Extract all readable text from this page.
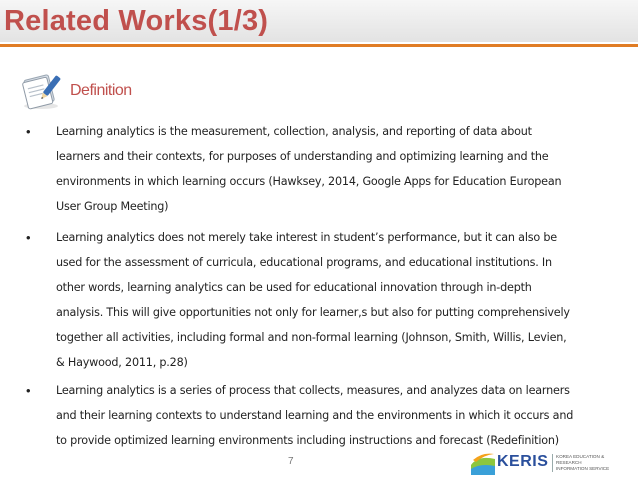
Related Works(1/3)
Definition
• Learning analytics is the measurement, collection, analysis, and reporting of data about
learners and their contexts, for purposes of understanding and optimizing learning and the
environments in which learning occurs (Hawksey, 2014, Google Apps for Education European
User Group Meeting)
• Learning analytics does not merely take interest in student’s performance, but it can also be
used for the assessment of curricula, educational programs, and educational institutions. In
other words, learning analytics can be used for educational innovation through in-depth
analysis. This will give opportunities not only for learner,s but also for putting comprehensively
together all activities, including formal and non-formal learning (Johnson, Smith, Willis, Levien,
& Haywood, 2011, p.28)
• Learning analytics is a series of process that collects, measures, and analyzes data on learners
and their learning contexts to understand learning and the environments in which it occurs and
to provide optimized learning environments including instructions and forecast (Redefinition)
7	KERIS KOREA EDUCATION & RESEARCH
INFORMATION SERVICE
